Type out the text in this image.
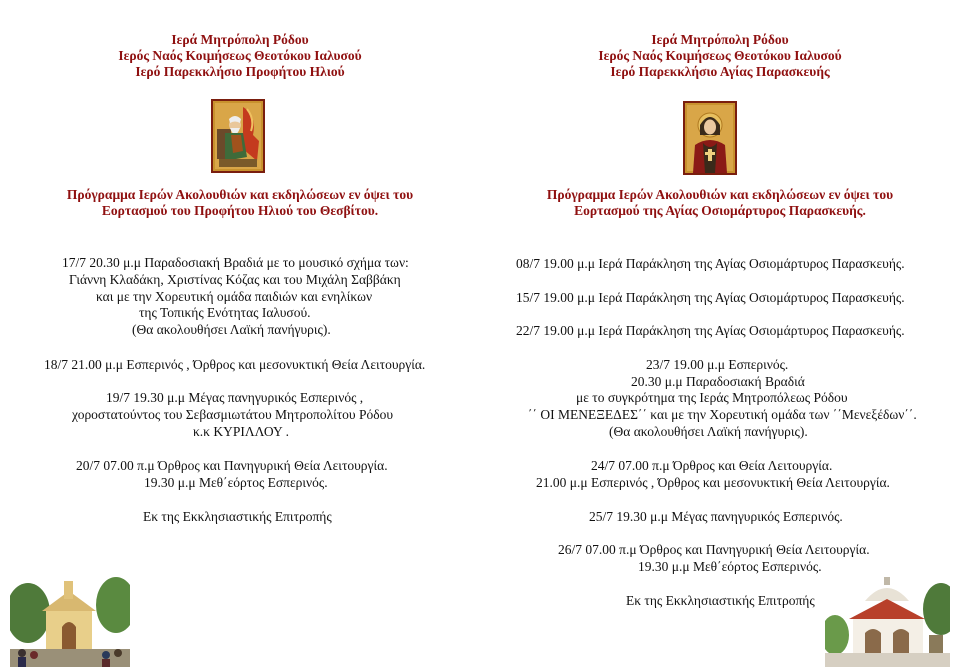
Ιερά Μητρόπολη Ρόδου
Ιερός Ναός Κοιμήσεως Θεοτόκου Ιαλυσού
Ιερό Παρεκκλήσιο Προφήτου Ηλιού
Πρόγραμμα Ιερών Ακολουθιών και εκδηλώσεων εν όψει του
Εορτασμού του Προφήτου Ηλιού του Θεσβίτου.
17/7 20.30 μ.μ Παραδοσιακή Βραδιά με το μουσικό σχήμα των:
Γιάννη Κλαδάκη, Χριστίνας Κόζας και του Μιχάλη Σαββάκη
και με την Χορευτική ομάδα παιδιών και ενηλίκων
της Τοπικής Ενότητας Ιαλυσού.
(Θα ακολουθήσει Λαϊκή πανήγυρις).
18/7 21.00 μ.μ Εσπερινός , Όρθρος και μεσονυκτική Θεία Λειτουργία.
19/7 19.30 μ.μ Μέγας πανηγυρικός Εσπερινός ,
χοροστατούντος του Σεβασμιωτάτου Μητροπολίτου Ρόδου
κ.κ ΚΥΡΙΛΛΟΥ .
20/7 07.00 π.μ Όρθρος και Πανηγυρική Θεία Λειτουργία.
19.30 μ.μ Μεθ΄εόρτος Εσπερινός.
Εκ της Εκκλησιαστικής Επιτροπής
Ιερά Μητρόπολη Ρόδου
Ιερός Ναός Κοιμήσεως Θεοτόκου Ιαλυσού
Ιερό Παρεκκλήσιο Αγίας Παρασκευής
Πρόγραμμα Ιερών Ακολουθιών και εκδηλώσεων εν όψει του
Εορτασμού της Αγίας Οσιομάρτυρος Παρασκευής.
08/7 19.00 μ.μ Ιερά Παράκληση της Αγίας Οσιομάρτυρος Παρασκευής.
15/7 19.00 μ.μ Ιερά Παράκληση της Αγίας Οσιομάρτυρος Παρασκευής.
22/7 19.00 μ.μ Ιερά Παράκληση της Αγίας Οσιομάρτυρος Παρασκευής.
23/7 19.00 μ.μ Εσπερινός.
20.30 μ.μ Παραδοσιακή Βραδιά
με το συγκρότημα της Ιεράς Μητροπόλεως Ρόδου
΄΄ ΟΙ ΜΕΝΕΞΕΔΕΣ΄΄ και με την Χορευτική ομάδα των ΄΄Μενεξέδων΄΄.
(Θα ακολουθήσει Λαϊκή πανήγυρις).
24/7 07.00 π.μ Όρθρος και Θεία Λειτουργία.
21.00 μ.μ Εσπερινός , Όρθρος και μεσονυκτική Θεία Λειτουργία.
25/7 19.30 μ.μ Μέγας πανηγυρικός Εσπερινός.
26/7 07.00 π.μ Όρθρος και Πανηγυρική Θεία Λειτουργία.
19.30 μ.μ Μεθ΄εόρτος Εσπερινός.
Εκ της Εκκλησιαστικής Επιτροπής
